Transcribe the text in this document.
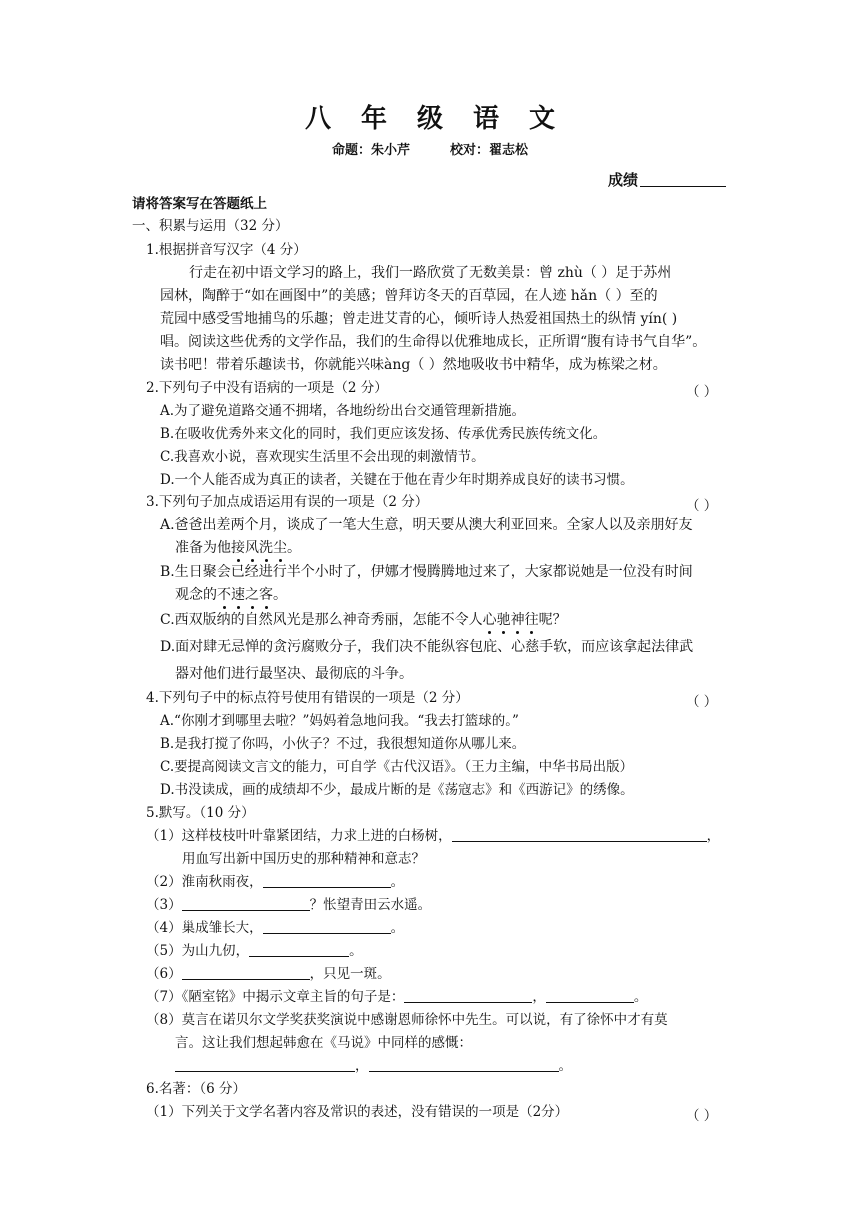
八年级语文
命题：朱小芹	校对：翟志松
成绩
请将答案写在答题纸上
一、积累与运用（32 分）
1.根据拼音写汉字（4 分）
行走在初中语文学习的路上，我们一路欣赏了无数美景：曾 zhù（ ）足于苏州
园林，陶醉于“如在画图中”的美感；曾拜访冬天的百草园，在人迹 hǎn（ ）至的
荒园中感受雪地捕鸟的乐趣；曾走进艾青的心，倾听诗人热爱祖国热土的纵情 yín( )
唱。阅读这些优秀的文学作品，我们的生命得以优雅地成长，正所谓“腹有诗书气自华”。
读书吧！带着乐趣读书，你就能兴味àng（ ）然地吸收书中精华，成为栋梁之材。
2.下列句子中没有语病的一项是（2 分）	（ ）
A.为了避免道路交通不拥堵，各地纷纷出台交通管理新措施。
B.在吸收优秀外来文化的同时，我们更应该发扬、传承优秀民族传统文化。
C.我喜欢小说，喜欢现实生活里不会出现的刺激情节。
D.一个人能否成为真正的读者，关键在于他在青少年时期养成良好的读书习惯。
3.下列句子加点成语运用有误的一项是（2 分）	（ ）
A.爸爸出差两个月，谈成了一笔大生意，明天要从澳大利亚回来。全家人以及亲朋好友
准备为他接风洗尘。
B.生日聚会已经进行半个小时了，伊娜才慢腾腾地过来了，大家都说她是一位没有时间
观念的不速之客。
C.西双版纳的自然风光是那么神奇秀丽，怎能不令人心驰神往呢？
D.面对肆无忌惮的贪污腐败分子，我们决不能纵容包庇、心慈手软，而应该拿起法律武
器对他们进行最坚决、最彻底的斗争。
4.下列句子中的标点符号使用有错误的一项是（2 分）	（ ）
A.“你刚才到哪里去啦？”妈妈着急地问我。“我去打篮球的。”
B.是我打搅了你吗，小伙子？不过，我很想知道你从哪儿来。
C.要提高阅读文言文的能力，可自学《古代汉语》。（王力主编，中华书局出版）
D.书没读成，画的成绩却不少，最成片断的是《荡寇志》和《西游记》的绣像。
5.默写。（10 分）
（1）这样枝枝叶叶靠紧团结，力求上进的白杨树，	，
用血写出新中国历史的那种精神和意志？
（2）淮南秋雨夜，	。
（3）	？怅望青田云水遥。
（4）巢成雏长大，	。
（5）为山九仞，	。
（6）	，只见一斑。
（7）《陋室铭》中揭示文章主旨的句子是：	，	。
（8）莫言在诺贝尔文学奖获奖演说中感谢恩师徐怀中先生。可以说，有了徐怀中才有莫
言。这让我们想起韩愈在《马说》中同样的感慨：
，	。
6.名著：（6 分）
（1）下列关于文学名著内容及常识的表述，没有错误的一项是（2分）	（ ）
